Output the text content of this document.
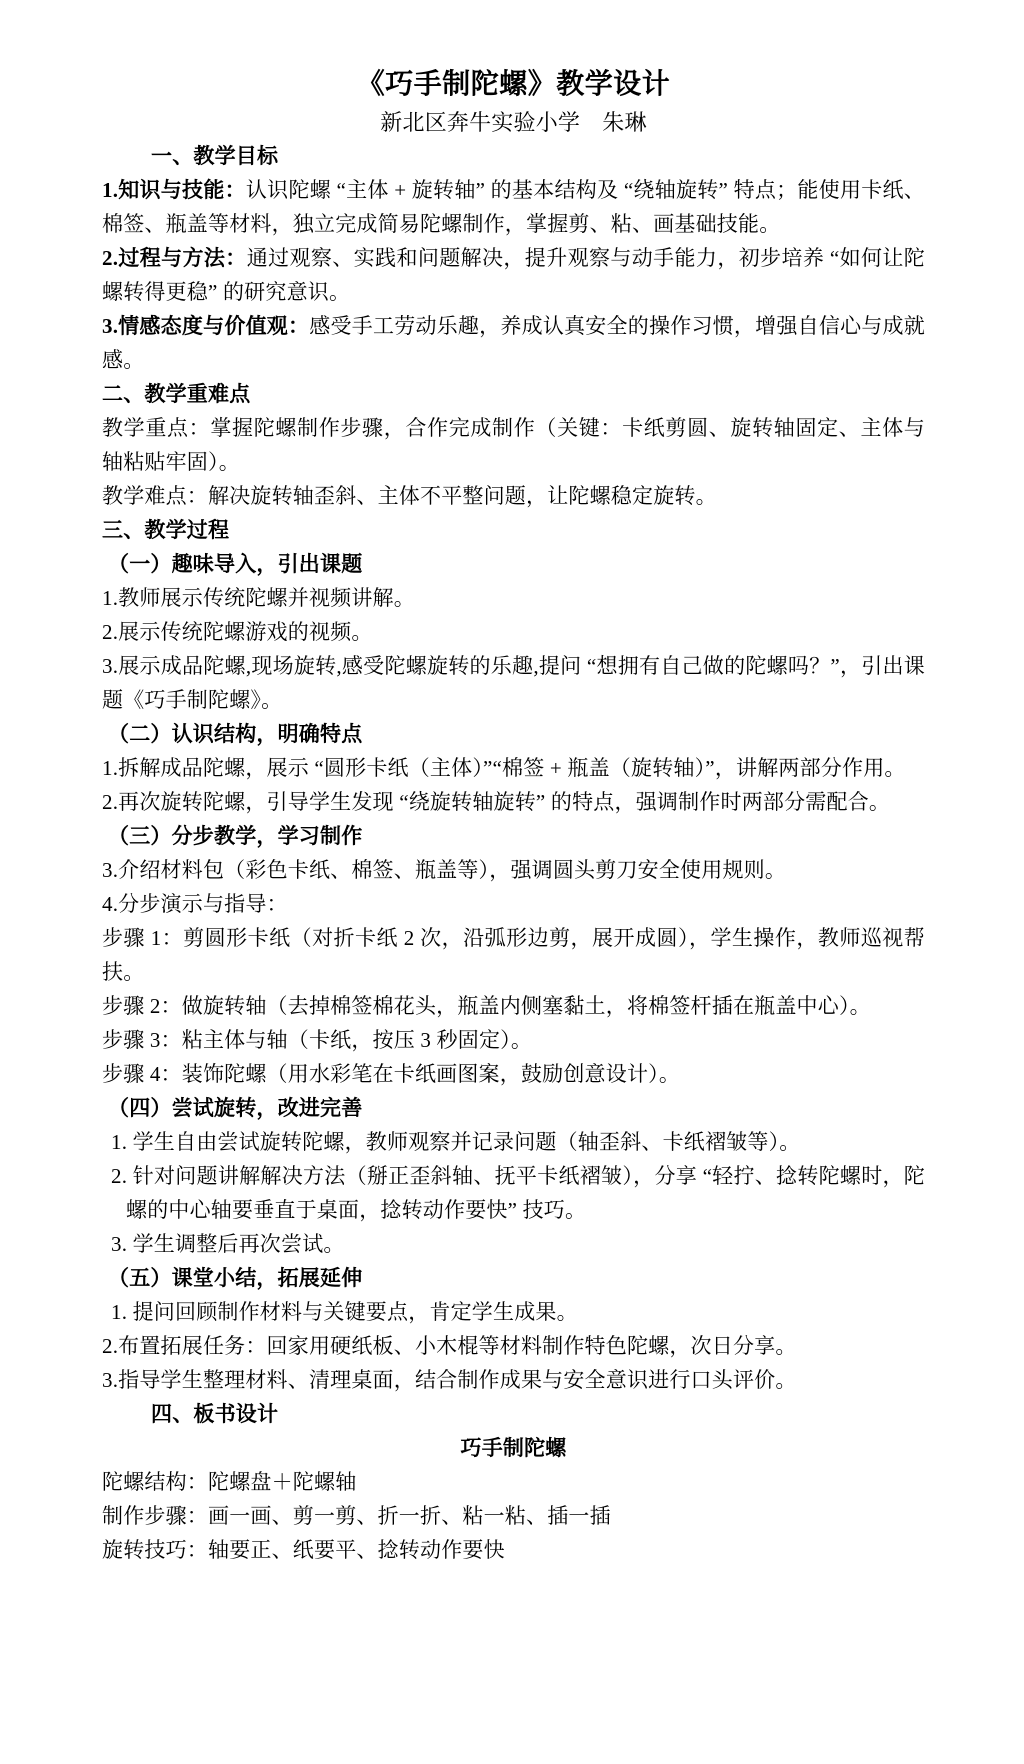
《巧手制陀螺》教学设计
新北区奔牛实验小学　朱琳
一、教学目标
1.知识与技能：认识陀螺 “主体 + 旋转轴” 的基本结构及 “绕轴旋转” 特点；能使用卡纸、棉签、瓶盖等材料，独立完成简易陀螺制作，掌握剪、粘、画基础技能。
2.过程与方法：通过观察、实践和问题解决，提升观察与动手能力，初步培养 “如何让陀螺转得更稳” 的研究意识。
3.情感态度与价值观：感受手工劳动乐趣，养成认真安全的操作习惯，增强自信心与成就感。
二、教学重难点
教学重点：掌握陀螺制作步骤，合作完成制作（关键：卡纸剪圆、旋转轴固定、主体与轴粘贴牢固）。
教学难点：解决旋转轴歪斜、主体不平整问题，让陀螺稳定旋转。
三、教学过程
（一）趣味导入，引出课题
1.教师展示传统陀螺并视频讲解。
2.展示传统陀螺游戏的视频。
3.展示成品陀螺,现场旋转,感受陀螺旋转的乐趣,提问 “想拥有自己做的陀螺吗？”，引出课题《巧手制陀螺》。
（二）认识结构，明确特点
1.拆解成品陀螺，展示 “圆形卡纸（主体）”“棉签 + 瓶盖（旋转轴）”，讲解两部分作用。
2.再次旋转陀螺，引导学生发现 “绕旋转轴旋转” 的特点，强调制作时两部分需配合。
（三）分步教学，学习制作
3.介绍材料包（彩色卡纸、棉签、瓶盖等），强调圆头剪刀安全使用规则。
4.分步演示与指导：
步骤 1：剪圆形卡纸（对折卡纸 2 次，沿弧形边剪，展开成圆），学生操作，教师巡视帮扶。
步骤 2：做旋转轴（去掉棉签棉花头，瓶盖内侧塞黏土，将棉签杆插在瓶盖中心）。
步骤 3：粘主体与轴（卡纸，按压 3 秒固定）。
步骤 4：装饰陀螺（用水彩笔在卡纸画图案，鼓励创意设计）。
（四）尝试旋转，改进完善
1. 学生自由尝试旋转陀螺，教师观察并记录问题（轴歪斜、卡纸褶皱等）。
2. 针对问题讲解解决方法（掰正歪斜轴、抚平卡纸褶皱），分享 “轻拧、捻转陀螺时，陀螺的中心轴要垂直于桌面，捻转动作要快” 技巧。
3. 学生调整后再次尝试。
（五）课堂小结，拓展延伸
1. 提问回顾制作材料与关键要点，肯定学生成果。
2.布置拓展任务：回家用硬纸板、小木棍等材料制作特色陀螺，次日分享。
3.指导学生整理材料、清理桌面，结合制作成果与安全意识进行口头评价。
四、板书设计
巧手制陀螺
陀螺结构：陀螺盘＋陀螺轴
制作步骤：画一画、剪一剪、折一折、粘一粘、插一插
旋转技巧：轴要正、纸要平、捻转动作要快
